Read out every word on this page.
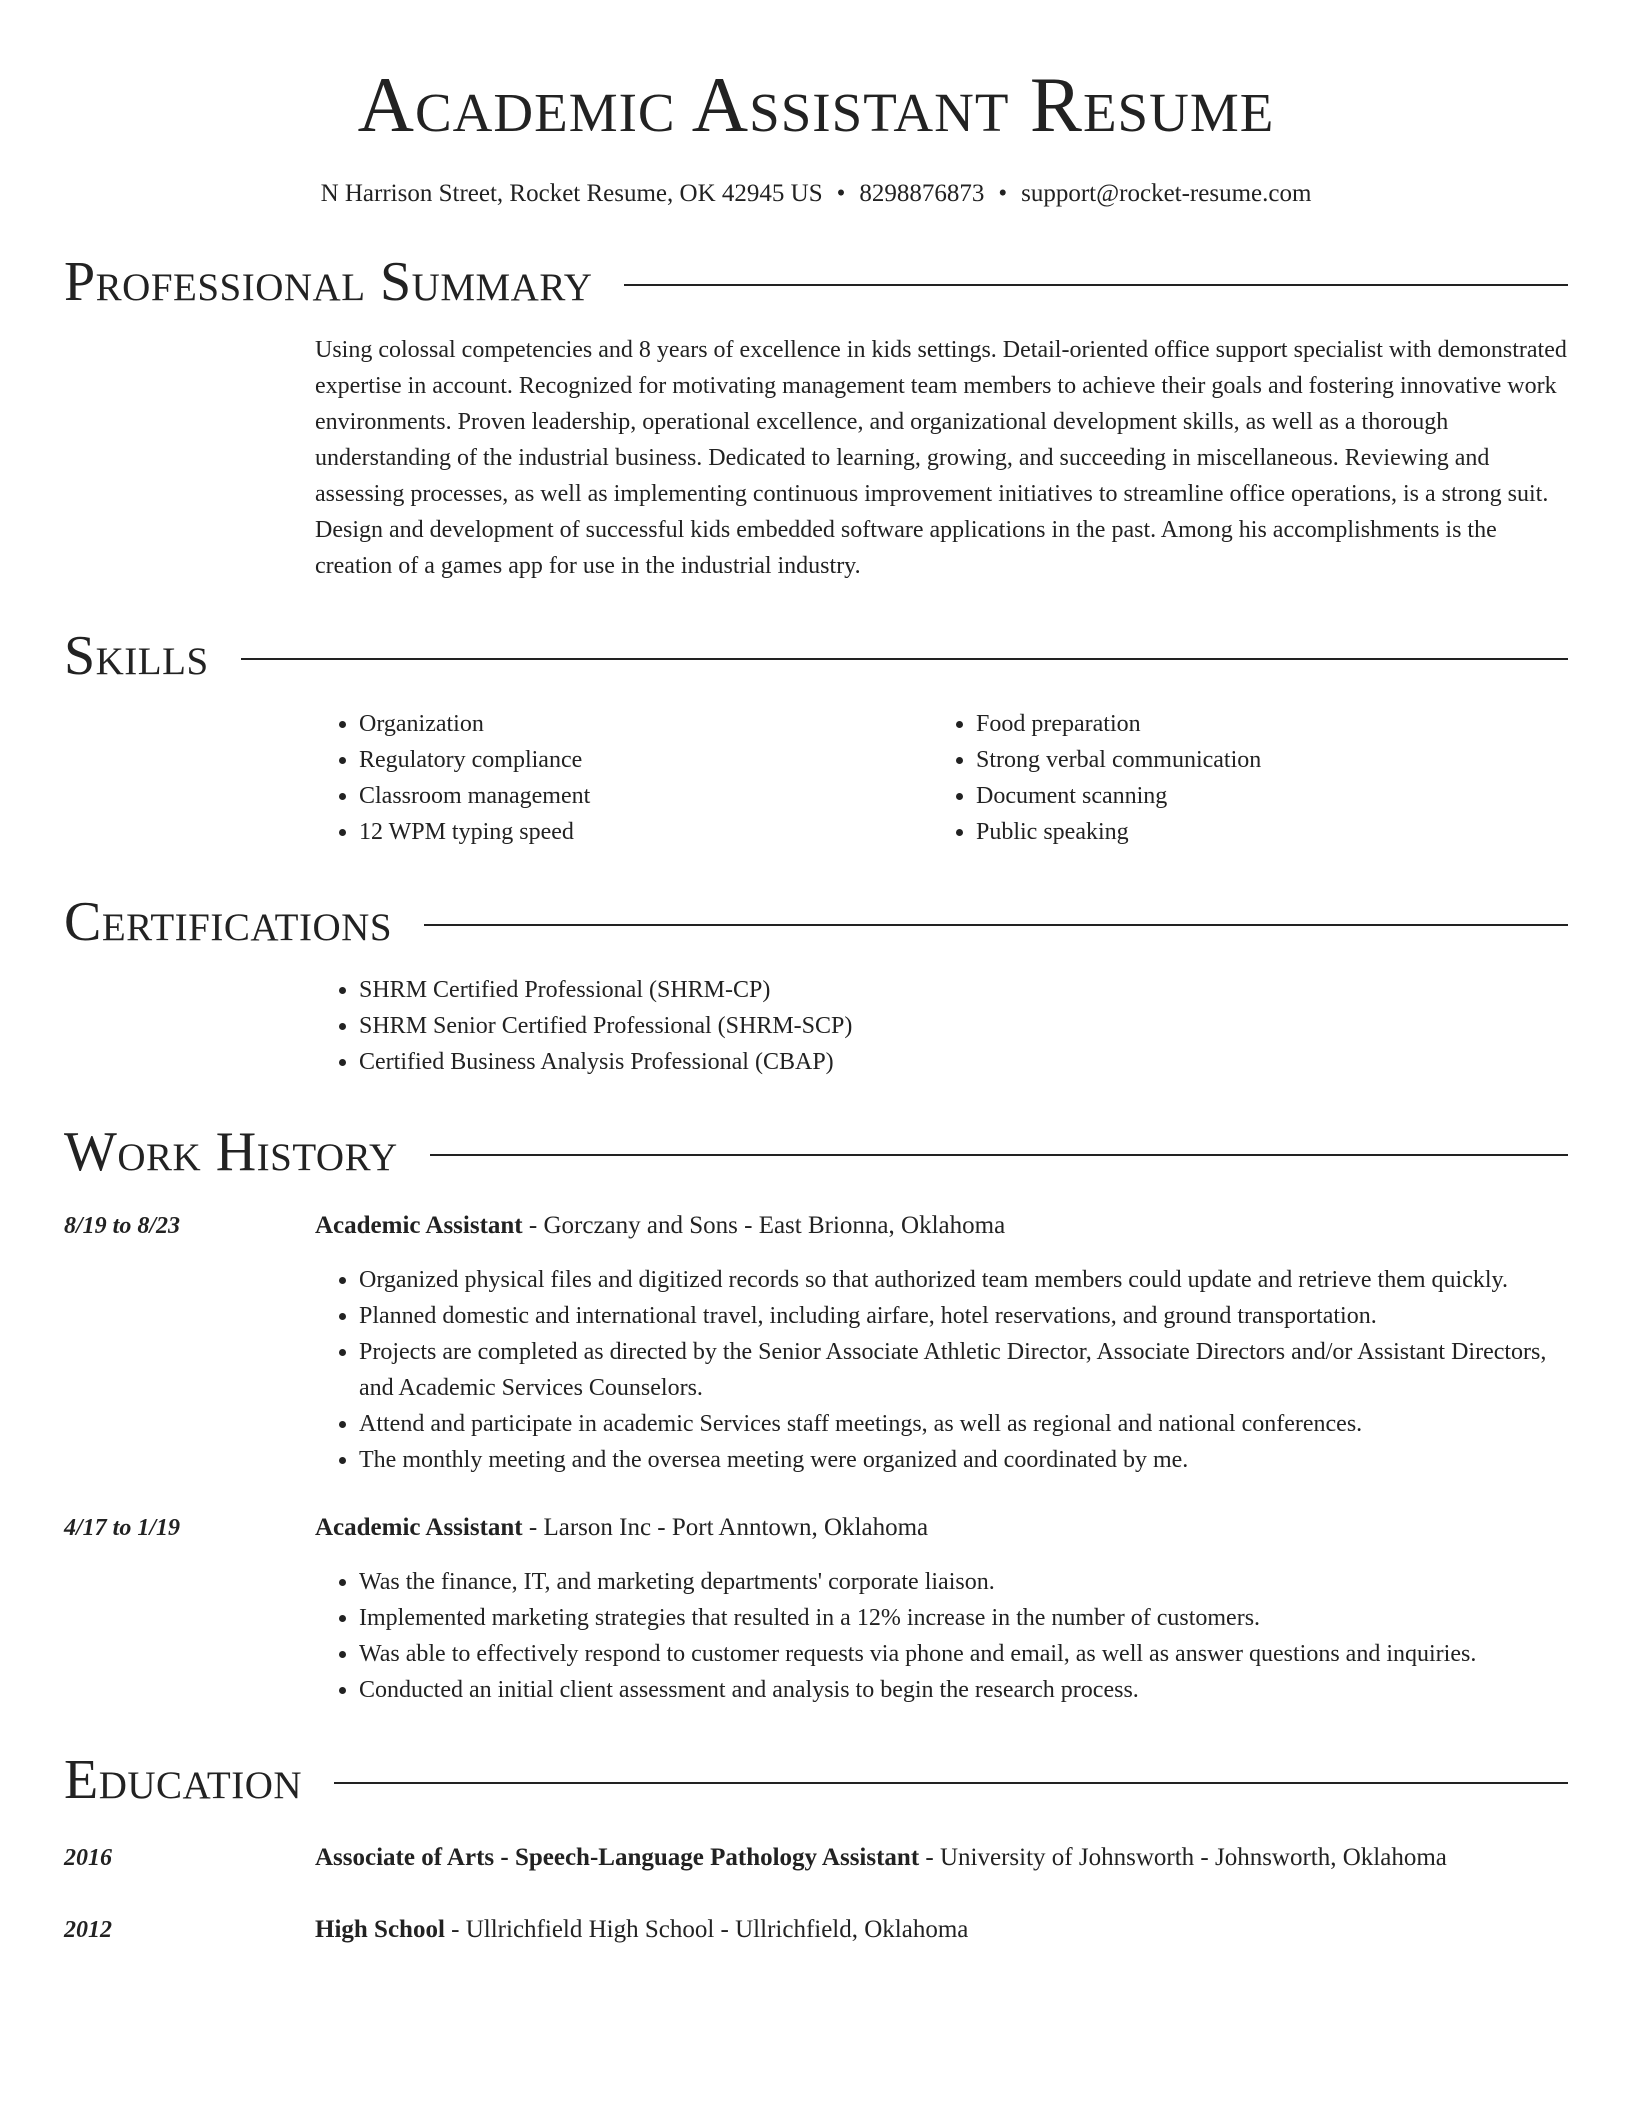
Academic Assistant Resume
N Harrison Street, Rocket Resume, OK 42945 US • 8298876873 • support@rocket-resume.com
Professional Summary
Using colossal competencies and 8 years of excellence in kids settings. Detail-oriented office support specialist with demonstrated expertise in account. Recognized for motivating management team members to achieve their goals and fostering innovative work environments. Proven leadership, operational excellence, and organizational development skills, as well as a thorough understanding of the industrial business. Dedicated to learning, growing, and succeeding in miscellaneous. Reviewing and assessing processes, as well as implementing continuous improvement initiatives to streamline office operations, is a strong suit. Design and development of successful kids embedded software applications in the past. Among his accomplishments is the creation of a games app for use in the industrial industry.
Skills
• Organization
• Regulatory compliance
• Classroom management
• 12 WPM typing speed
• Food preparation
• Strong verbal communication
• Document scanning
• Public speaking
Certifications
• SHRM Certified Professional (SHRM-CP)
• SHRM Senior Certified Professional (SHRM-SCP)
• Certified Business Analysis Professional (CBAP)
Work History
8/19 to 8/23	Academic Assistant - Gorczany and Sons - East Brionna, Oklahoma
• Organized physical files and digitized records so that authorized team members could update and retrieve them quickly.
• Planned domestic and international travel, including airfare, hotel reservations, and ground transportation.
• Projects are completed as directed by the Senior Associate Athletic Director, Associate Directors and/or Assistant Directors, and Academic Services Counselors.
• Attend and participate in academic Services staff meetings, as well as regional and national conferences.
• The monthly meeting and the oversea meeting were organized and coordinated by me.
4/17 to 1/19	Academic Assistant - Larson Inc - Port Anntown, Oklahoma
• Was the finance, IT, and marketing departments' corporate liaison.
• Implemented marketing strategies that resulted in a 12% increase in the number of customers.
• Was able to effectively respond to customer requests via phone and email, as well as answer questions and inquiries.
• Conducted an initial client assessment and analysis to begin the research process.
Education
2016	Associate of Arts - Speech-Language Pathology Assistant - University of Johnsworth - Johnsworth, Oklahoma
2012	High School - Ullrichfield High School - Ullrichfield, Oklahoma
